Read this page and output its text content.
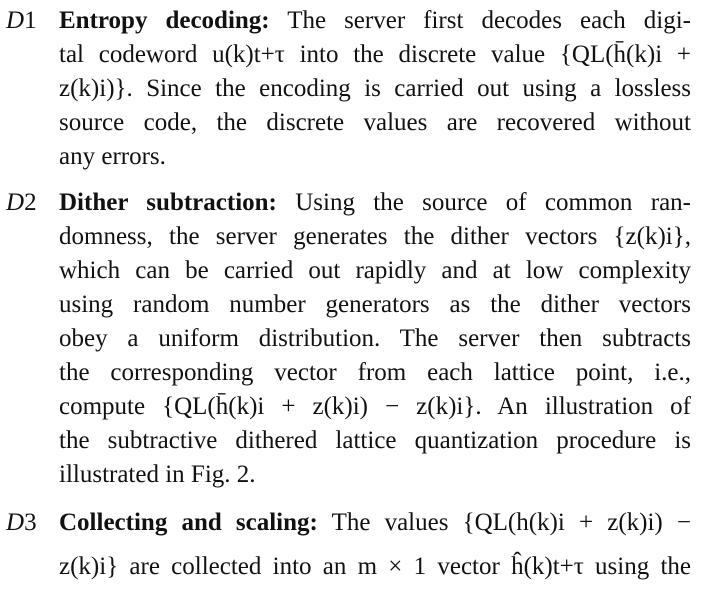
D1 Entropy decoding: The server first decodes each digi-
tal codeword u(k)t+τ into the discrete value {QL(h̄(k)i +
z(k)i)}. Since the encoding is carried out using a lossless
source code, the discrete values are recovered without
any errors.
D2 Dither subtraction: Using the source of common ran-
domness, the server generates the dither vectors {z(k)i},
which can be carried out rapidly and at low complexity
using random number generators as the dither vectors
obey a uniform distribution. The server then subtracts
the corresponding vector from each lattice point, i.e.,
compute {QL(h̄(k)i + z(k)i) − z(k)i}. An illustration of
the subtractive dithered lattice quantization procedure is
illustrated in Fig. 2.
D3 Collecting and scaling: The values {QL(h(k)i + z(k)i) −
z(k)i} are collected into an m × 1 vector ĥ(k)t+τ using the
